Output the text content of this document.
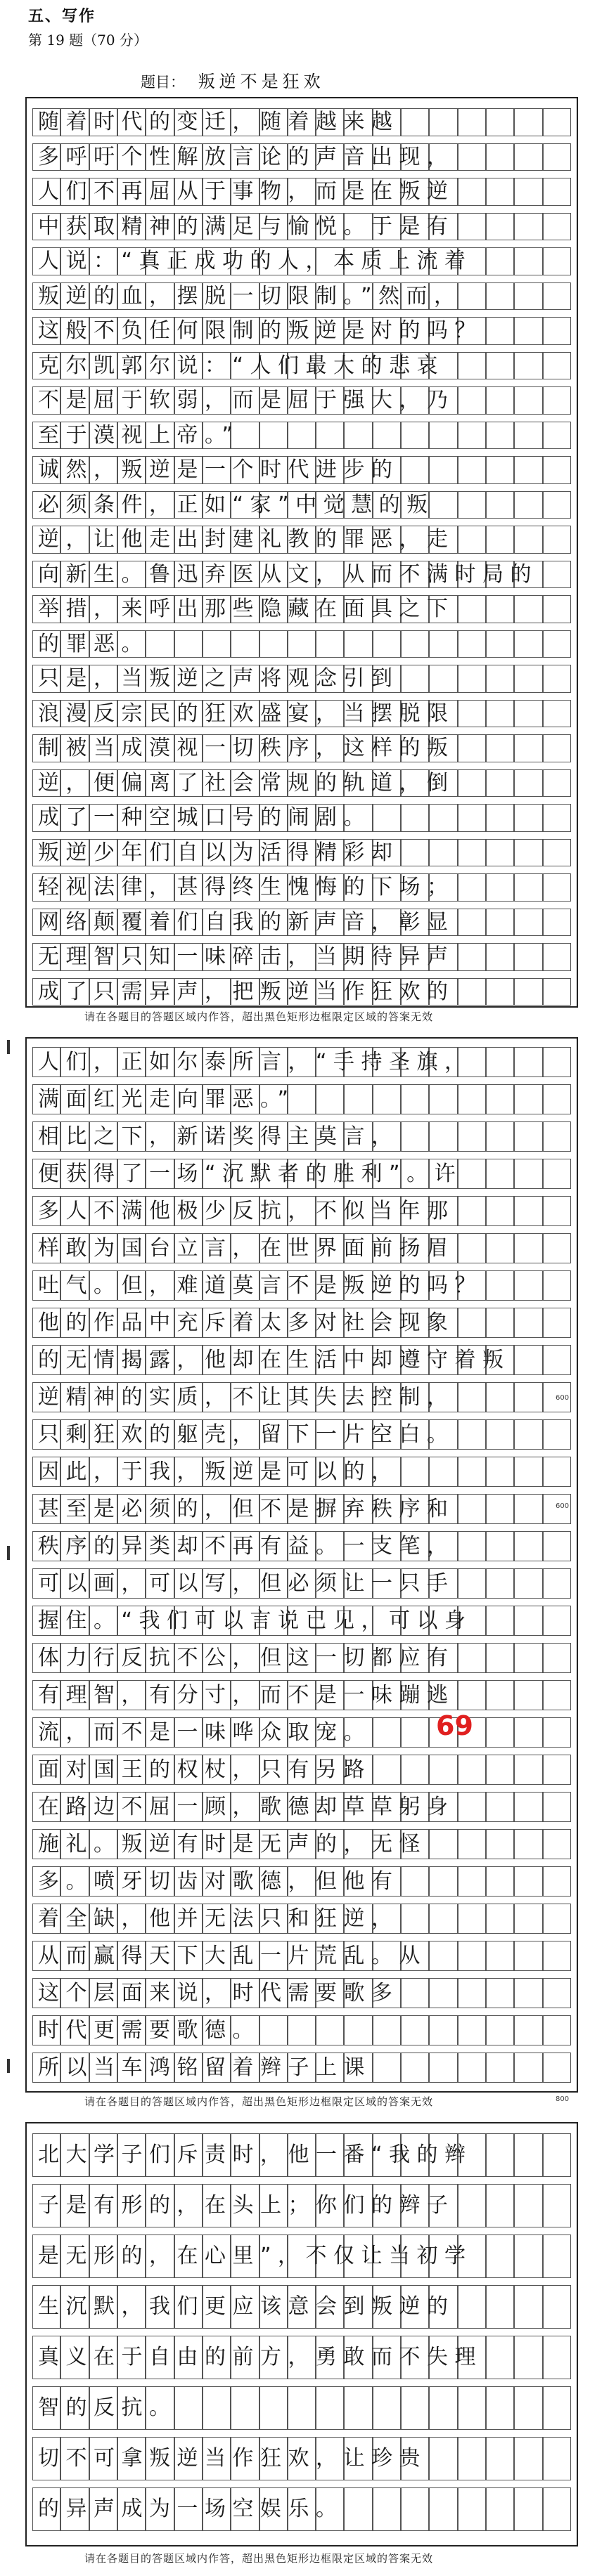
五、写作
第 19 题（70 分）
题目： 叛逆不是狂欢
随着时代的变迁，随着越来越
多呼吁个性解放言论的声音出现，
人们不再屈从于事物，而是在叛逆
中获取精神的满足与愉悦。于是有
人说：“真正成功的人，本质上流着
叛逆的血，摆脱一切限制。”然而，
这般不负任何限制的叛逆是对的吗？
克尔凯郭尔说：“人们最大的悲哀
不是屈于软弱，而是屈于强大，乃
至于漠视上帝。”
诚然，叛逆是一个时代进步的
必须条件，正如“家”中觉慧的叛
逆，让他走出封建礼教的罪恶，走
向新生。鲁迅弃医从文，从而不满时局的
举措，来呼出那些隐藏在面具之下
的罪恶。
只是，当叛逆之声将观念引到
浪漫反宗民的狂欢盛宴，当摆脱限
制被当成漠视一切秩序，这样的叛
逆，便偏离了社会常规的轨道，倒
成了一种空城口号的闹剧。
叛逆少年们自以为活得精彩却
轻视法律，甚得终生愧悔的下场；
网络颠覆着们自我的新声音，彰显
无理智只知一味碎击，当期待异声
成了只需异声，把叛逆当作狂欢的
请在各题目的答题区域内作答，超出黑色矩形边框限定区域的答案无效
人们，正如尔泰所言，“手持圣旗，
满面红光走向罪恶。”
相比之下，新诺奖得主莫言，
便获得了一场“沉默者的胜利”。许
多人不满他极少反抗，不似当年那
样敢为国台立言，在世界面前扬眉
吐气。但，难道莫言不是叛逆的吗？
他的作品中充斥着太多对社会现象
的无情揭露，他却在生活中却遵守着叛
逆精神的实质，不让其失去控制，
只剩狂欢的躯壳，留下一片空白。
因此，于我，叛逆是可以的，
甚至是必须的，但不是摒弃秩序和
秩序的异类却不再有益。一支笔，
可以画，可以写，但必须让一只手
握住。“我们可以言说已见，可以身
体力行反抗不公，但这一切都应有
有理智，有分寸，而不是一味蹦逃
流，而不是一味哗众取宠。
面对国王的权杖，只有另路
在路边不屈一顾，歌德却草草躬身
施礼。叛逆有时是无声的，无怪
多。喷牙切齿对歌德，但他有
着全缺，他并无法只和狂逆，
从而赢得天下大乱一片荒乱。从
这个层面来说，时代需要歌多
时代更需要歌德。
所以当车鸿铭留着辫子上课
请在各题目的答题区域内作答，超出黑色矩形边框限定区域的答案无效
北大学子们斥责时，他一番“我的辫
子是有形的，在头上；你们的辫子
是无形的，在心里”，不仅让当初学
生沉默，我们更应该意会到叛逆的
真义在于自由的前方，勇敢而不失理
智的反抗。
切不可拿叛逆当作狂欢，让珍贵
的异声成为一场空娱乐。
请在各题目的答题区域内作答，超出黑色矩形边框限定区域的答案无效
600
600
800
69
